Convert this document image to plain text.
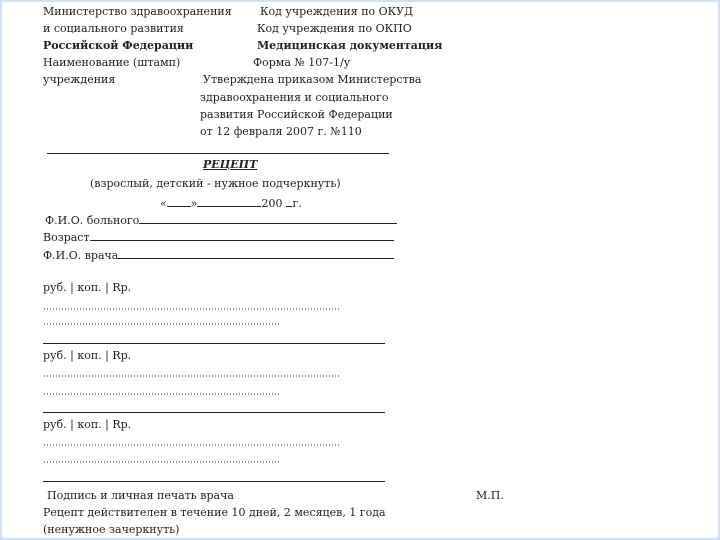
Министерство здравоохранения
и социального развития
Российской Федерации
Наименование (штамп)
учреждения
Код учреждения по ОКУД
Код учреждения по ОКПО
Медицинская документация
Форма № 107-1/у
Утверждена приказом Министерства
здравоохранения и социального
развития Российской Федерации
от 12 февраля 2007 г. №110
РЕЦЕПТ
(взрослый, детский - нужное подчеркнуть)
« »	200 г.
Ф.И.О. больного
Возраст
Ф.И.О. врача
руб. | коп. | Rp.
руб. | коп. | Rp.
руб. | коп. | Rp.
Подпись и личная печать врача	М.П.
Рецепт действителен в течение 10 дней, 2 месяцев, 1 года
(ненужное зачеркнуть)
